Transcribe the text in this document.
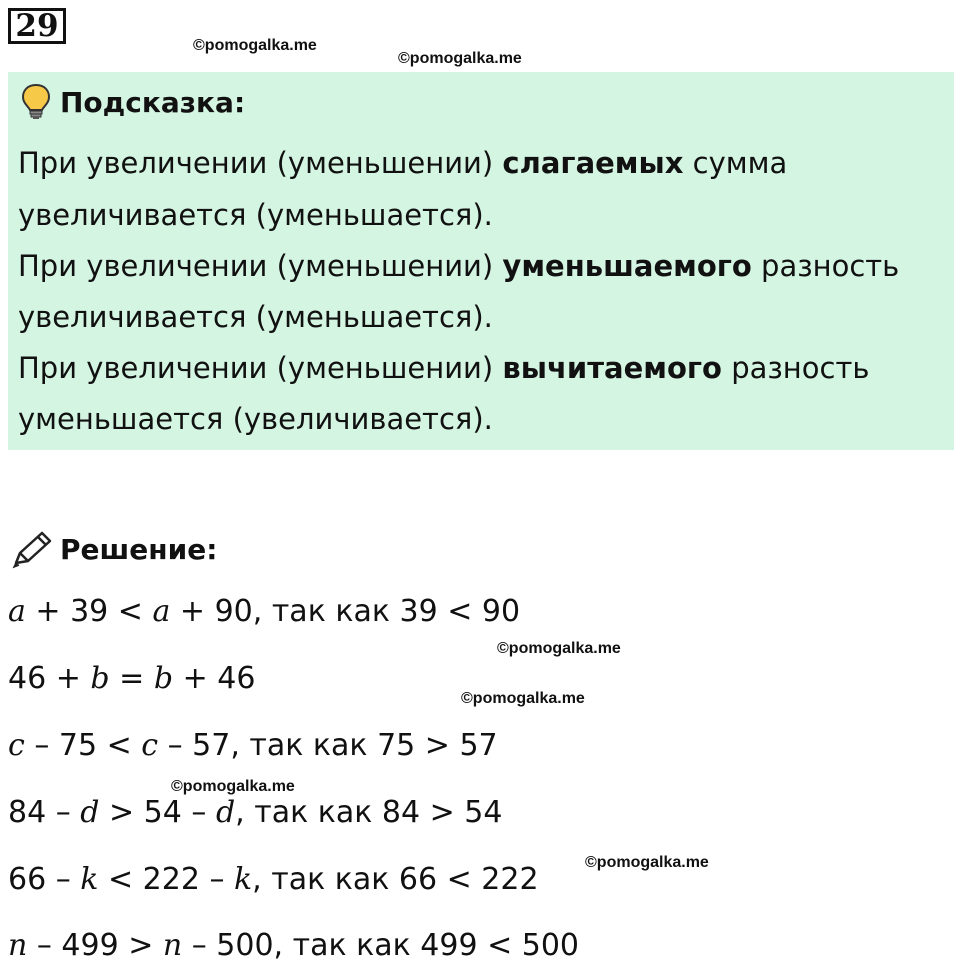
29
©pomogalka.me
©pomogalka.me
Подсказка:
При увеличении (уменьшении) слагаемых сумма
увеличивается (уменьшается).
При увеличении (уменьшении) уменьшаемого разность
увеличивается (уменьшается).
При увеличении (уменьшении) вычитаемого разность
уменьшается (увеличивается).
Решение:
a + 39 < a + 90, так как 39 < 90
©pomogalka.me
46 + b = b + 46
©pomogalka.me
c – 75 < c – 57, так как 75 > 57
©pomogalka.me
84 – d > 54 – d, так как 84 > 54
©pomogalka.me
66 – k < 222 – k, так как 66 < 222
n – 499 > n – 500, так как 499 < 500
